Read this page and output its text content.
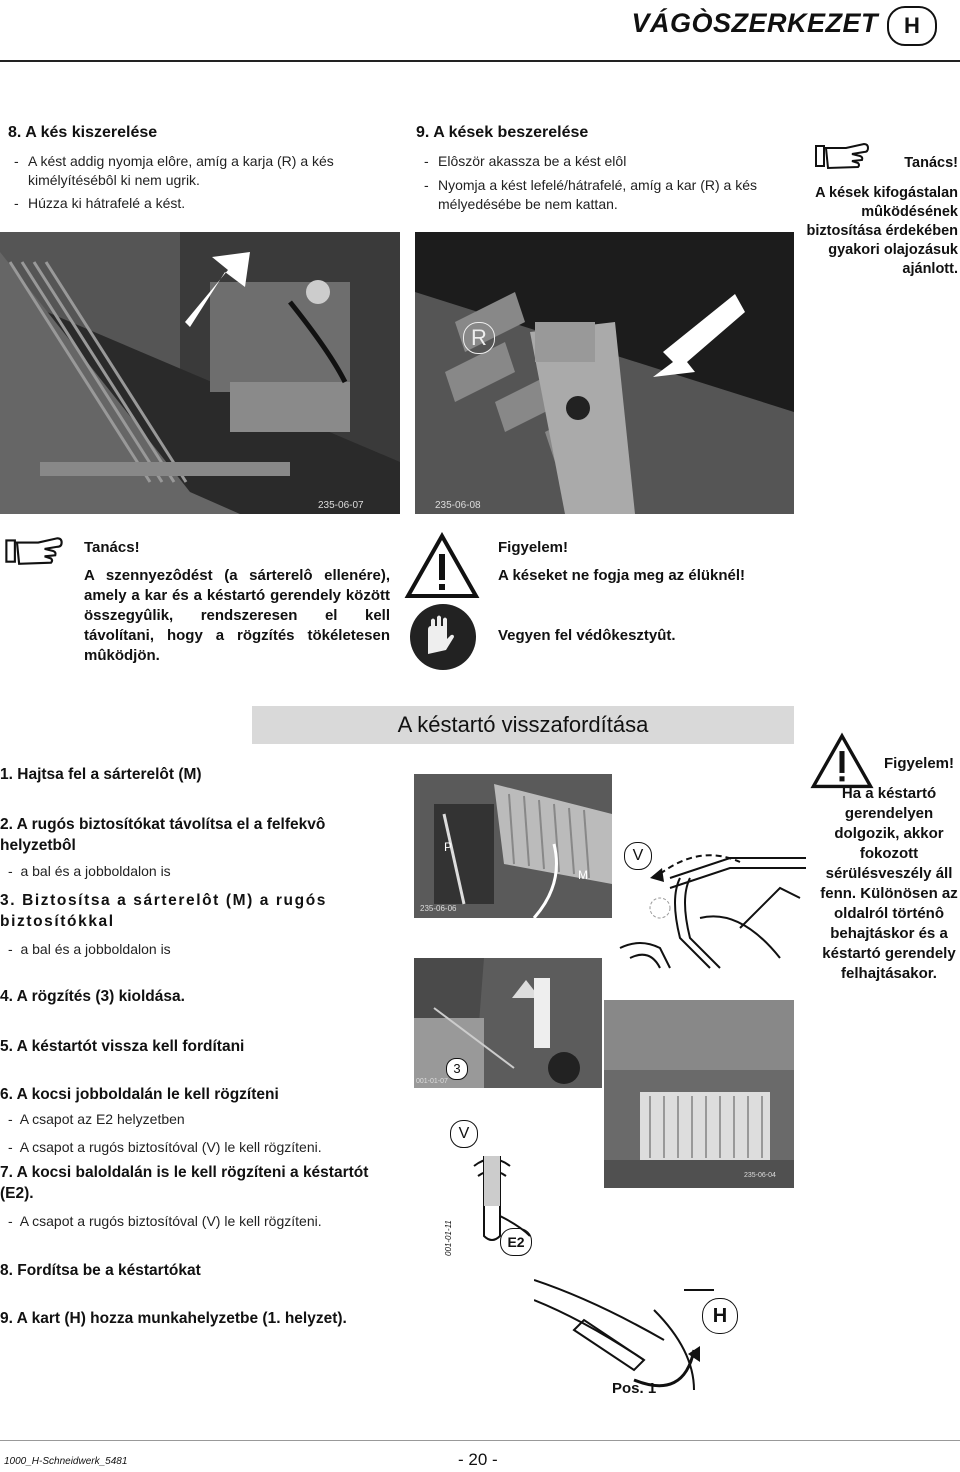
VÁGÒSZERKEZET	H
8. A kés kiszerelése
- A kést addig nyomja elôre, amíg a karja (R) a kés kimélyítésébôl ki nem ugrik.
- Húzza ki hátrafelé a kést.
235-06-07
9. A kések beszerelése
- Elôször akassza be a kést elôl
- Nyomja a kést lefelé/hátrafelé, amíg a kar (R) a kés mélyedésébe be nem kattan.
R
235-06-08
Tanács!
A kések kifogástalan mûködésének biztosítása érdekében gyakori olajozásuk ajánlott.
Tanács!
A szennyezôdést (a sárterelô ellenére), amely a kar és a késtartó gerendely között összegyûlik, rendszeresen el kell távolítani, hogy a rögzítés tökéletesen mûködjön.
Figyelem!
A késeket ne fogja meg az élüknél!
Vegyen fel védôkesztyût.
A késtartó visszafordítása
1. Hajtsa fel a sárterelôt (M)
2. A rugós biztosítókat távolítsa el a felfekvô helyzetbôl
- a bal és a jobboldalon is
3. Biztosítsa a sárterelôt (M) a rugós biztosítókkal
- a bal és a jobboldalon is
4. A rögzítés (3) kioldása.
5. A késtartót vissza kell fordítani
6. A kocsi jobboldalán le kell rögzíteni
- A csapot az E2 helyzetben
- A csapot a rugós biztosítóval (V) le kell rögzíteni.
7. A kocsi baloldalán is le kell rögzíteni a késtartót (E2).
- A csapot a rugós biztosítóval (V) le kell rögzíteni.
8. Fordítsa be a késtartókat
9. A kart (H) hozza munkahelyzetbe (1. helyzet).
P
M
235-06-06
V
3
001-01-07
235-06-04
V
E2
001-01-11
H
Pos. 1
Figyelem!
Ha a késtartó gerendelyen dolgozik, akkor fokozott sérülésveszély áll fenn. Különösen az oldalról történô behajtáskor és a késtartó gerendely felhajtásakor.
1000_H-Schneidwerk_5481	- 20 -
